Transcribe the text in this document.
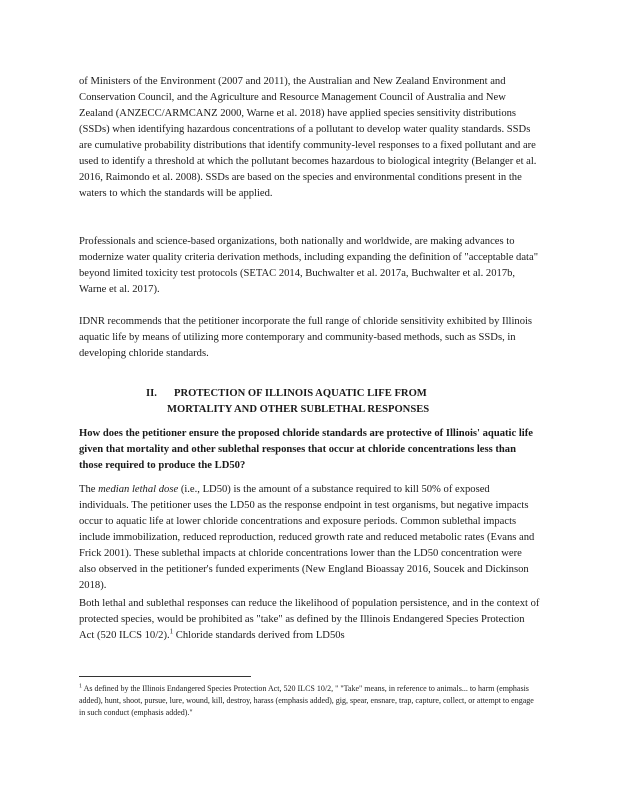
of Ministers of the Environment (2007 and 2011), the Australian and New Zealand Environment and Conservation Council, and the Agriculture and Resource Management Council of Australia and New Zealand (ANZECC/ARMCANZ 2000, Warne et al. 2018) have applied species sensitivity distributions (SSDs) when identifying hazardous concentrations of a pollutant to develop water quality standards. SSDs are cumulative probability distributions that identify community-level responses to a fixed pollutant and are used to identify a threshold at which the pollutant becomes hazardous to biological integrity (Belanger et al. 2016, Raimondo et al. 2008). SSDs are based on the species and environmental conditions present in the waters to which the standards will be applied.

Professionals and science-based organizations, both nationally and worldwide, are making advances to modernize water quality criteria derivation methods, including expanding the definition of "acceptable data" beyond limited toxicity test protocols (SETAC 2014, Buchwalter et al. 2017a, Buchwalter et al. 2017b, Warne et al. 2017).

IDNR recommends that the petitioner incorporate the full range of chloride sensitivity exhibited by Illinois aquatic life by means of utilizing more contemporary and community-based methods, such as SSDs, in developing chloride standards.

II. PROTECTION OF ILLINOIS AQUATIC LIFE FROM
MORTALITY AND OTHER SUBLETHAL RESPONSES
How does the petitioner ensure the proposed chloride standards are protective of Illinois' aquatic life given that mortality and other sublethal responses that occur at chloride concentrations less than those required to produce the LD50?

The median lethal dose (i.e., LD50) is the amount of a substance required to kill 50% of exposed individuals. The petitioner uses the LD50 as the response endpoint in test organisms, but negative impacts occur to aquatic life at lower chloride concentrations and exposure periods. Common sublethal impacts include immobilization, reduced reproduction, reduced growth rate and reduced metabolic rates (Evans and Frick 2001). These sublethal impacts at chloride concentrations lower than the LD50 concentration were also observed in the petitioner's funded experiments (New England Bioassay 2016, Soucek and Dickinson 2018).

Both lethal and sublethal responses can reduce the likelihood of population persistence, and in the context of protected species, would be prohibited as "take" as defined by the Illinois Endangered Species Protection Act (520 ILCS 10/2).$^1$ Chloride standards derived from LD50s

$^1$ As defined by the Illinois Endangered Species Protection Act, 520 ILCS 10/2, " "Take" means, in reference to animals... to harm (emphasis added), hunt, shoot, pursue, lure, wound, kill, destroy, harass (emphasis added), gig, spear, ensnare, trap, capture, collect, or attempt to engage in such conduct (emphasis added)."
